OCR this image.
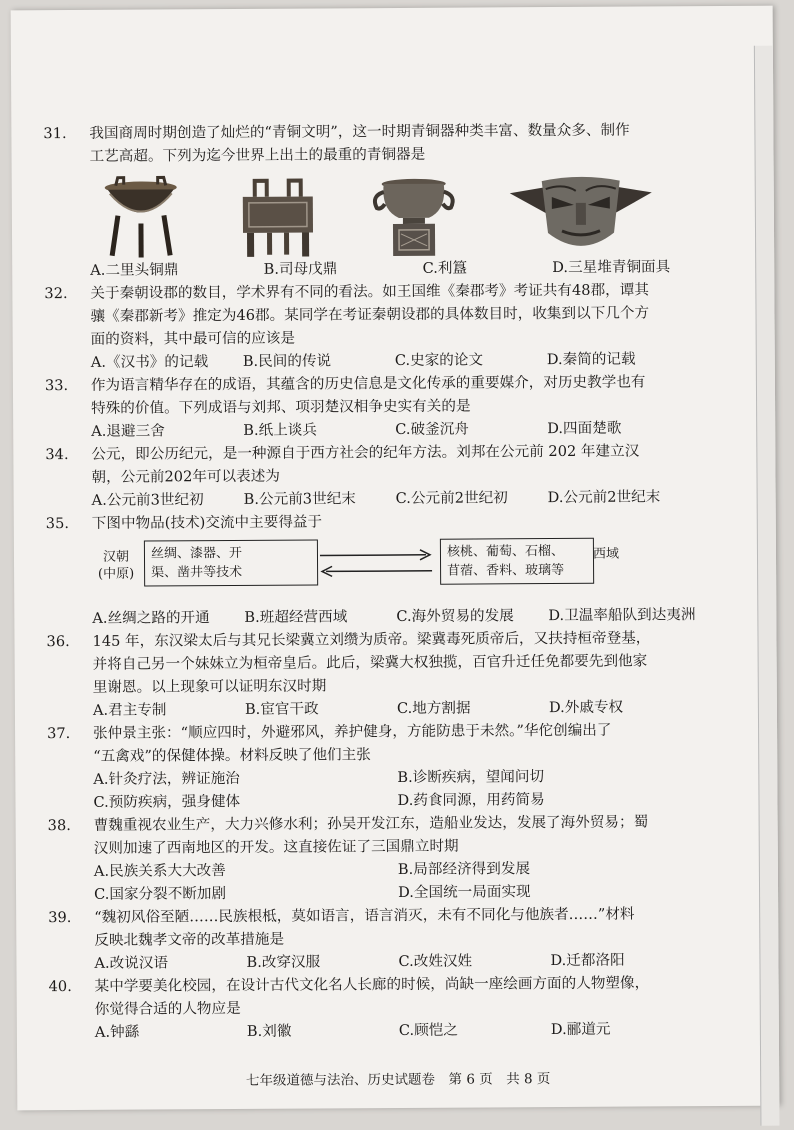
31. 我国商周时期创造了灿烂的“青铜文明”，这一时期青铜器种类丰富、数量众多、制作
工艺高超。下列为迄今世界上出土的最重的青铜器是
A.二里头铜鼎	B.司母戊鼎	C.利簋	D.三星堆青铜面具
32. 关于秦朝设郡的数目，学术界有不同的看法。如王国维《秦郡考》考证共有48郡，谭其
骧《秦郡新考》推定为46郡。某同学在考证秦朝设郡的具体数目时，收集到以下几个方
面的资料，其中最可信的应该是
A.《汉书》的记载	B.民间的传说	C.史家的论文	D.秦简的记载
33. 作为语言精华存在的成语，其蕴含的历史信息是文化传承的重要媒介，对历史教学也有
特殊的价值。下列成语与刘邦、项羽楚汉相争史实有关的是
A.退避三舍	B.纸上谈兵	C.破釜沉舟	D.四面楚歌
34. 公元，即公历纪元，是一种源自于西方社会的纪年方法。刘邦在公元前 202 年建立汉
朝，公元前202年可以表述为
A.公元前3世纪初	B.公元前3世纪末	C.公元前2世纪初	D.公元前2世纪末
35. 下图中物品(技术)交流中主要得益于
汉朝
(中原)
丝绸、漆器、开
渠、凿井等技术
核桃、葡萄、石榴、
苜蓿、香料、玻璃等
西域
A.丝绸之路的开通	B.班超经营西域	C.海外贸易的发展	D.卫温率船队到达夷洲
36. 145 年，东汉梁太后与其兄长梁冀立刘缵为质帝。梁冀毒死质帝后，又扶持桓帝登基，
并将自己另一个妹妹立为桓帝皇后。此后，梁冀大权独揽，百官升迁任免都要先到他家
里谢恩。以上现象可以证明东汉时期
A.君主专制	B.宦官干政	C.地方割据	D.外戚专权
37. 张仲景主张：“顺应四时，外避邪风，养护健身，方能防患于未然。”华佗创编出了
“五禽戏”的保健体操。材料反映了他们主张
A.针灸疗法，辨证施治	B.诊断疾病，望闻问切
C.预防疾病，强身健体	D.药食同源，用药简易
38. 曹魏重视农业生产，大力兴修水利；孙吴开发江东，造船业发达，发展了海外贸易；蜀
汉则加速了西南地区的开发。这直接佐证了三国鼎立时期
A.民族关系大大改善	B.局部经济得到发展
C.国家分裂不断加剧	D.全国统一局面实现
39. “魏初风俗至陋……民族根柢，莫如语言，语言消灭，未有不同化与他族者……”材料
反映北魏孝文帝的改革措施是
A.改说汉语	B.改穿汉服	C.改姓汉姓	D.迁都洛阳
40. 某中学要美化校园，在设计古代文化名人长廊的时候，尚缺一座绘画方面的人物塑像，
你觉得合适的人物应是
A.钟繇	B.刘徽	C.顾恺之	D.郦道元
七年级道德与法治、历史试题卷　第 6 页　共 8 页
